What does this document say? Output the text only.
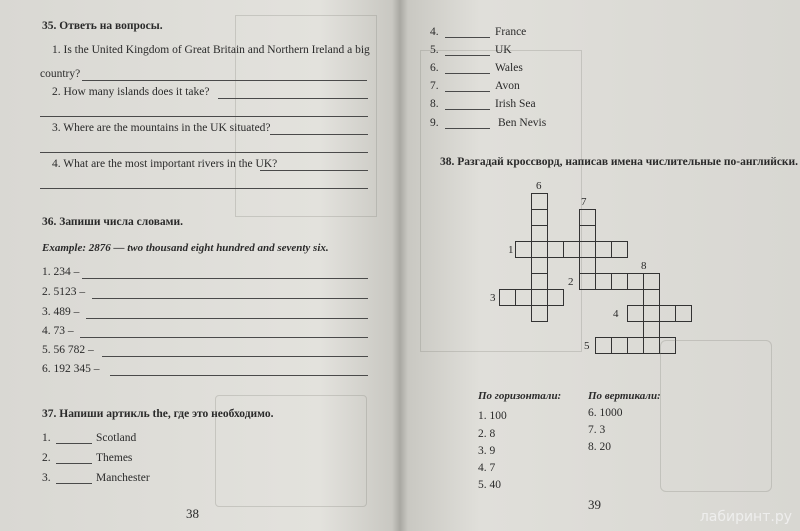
35. Ответь на вопросы.
1. Is the United Kingdom of Great Britain and Northern Ireland a big
country?
2. How many islands does it take?
3. Where are the mountains in the UK situated?
4. What are the most important rivers in the UK?
36. Запиши числа словами.
Example: 2876 — two thousand eight hundred and seventy six.
1. 234 –
2. 5123 –
3. 489 –
4. 73 –
5. 56 782 –
6. 192 345 –
37. Напиши артикль the, где это необходимо.
1.	Scotland
2.	Themes
3.	Manchester
38
4.	France
5.	UK
6.	Wales
7.	Avon
8.	Irish Sea
9.	Ben Nevis
38. Разгадай кроссворд, написав имена числительные по-английски.
6
7
1
8
2
3
4
5
По горизонтали:
1. 100
2. 8
3. 9
4. 7
5. 40
По вертикали:
6. 1000
7. 3
8. 20
39
лабиринт.ру
